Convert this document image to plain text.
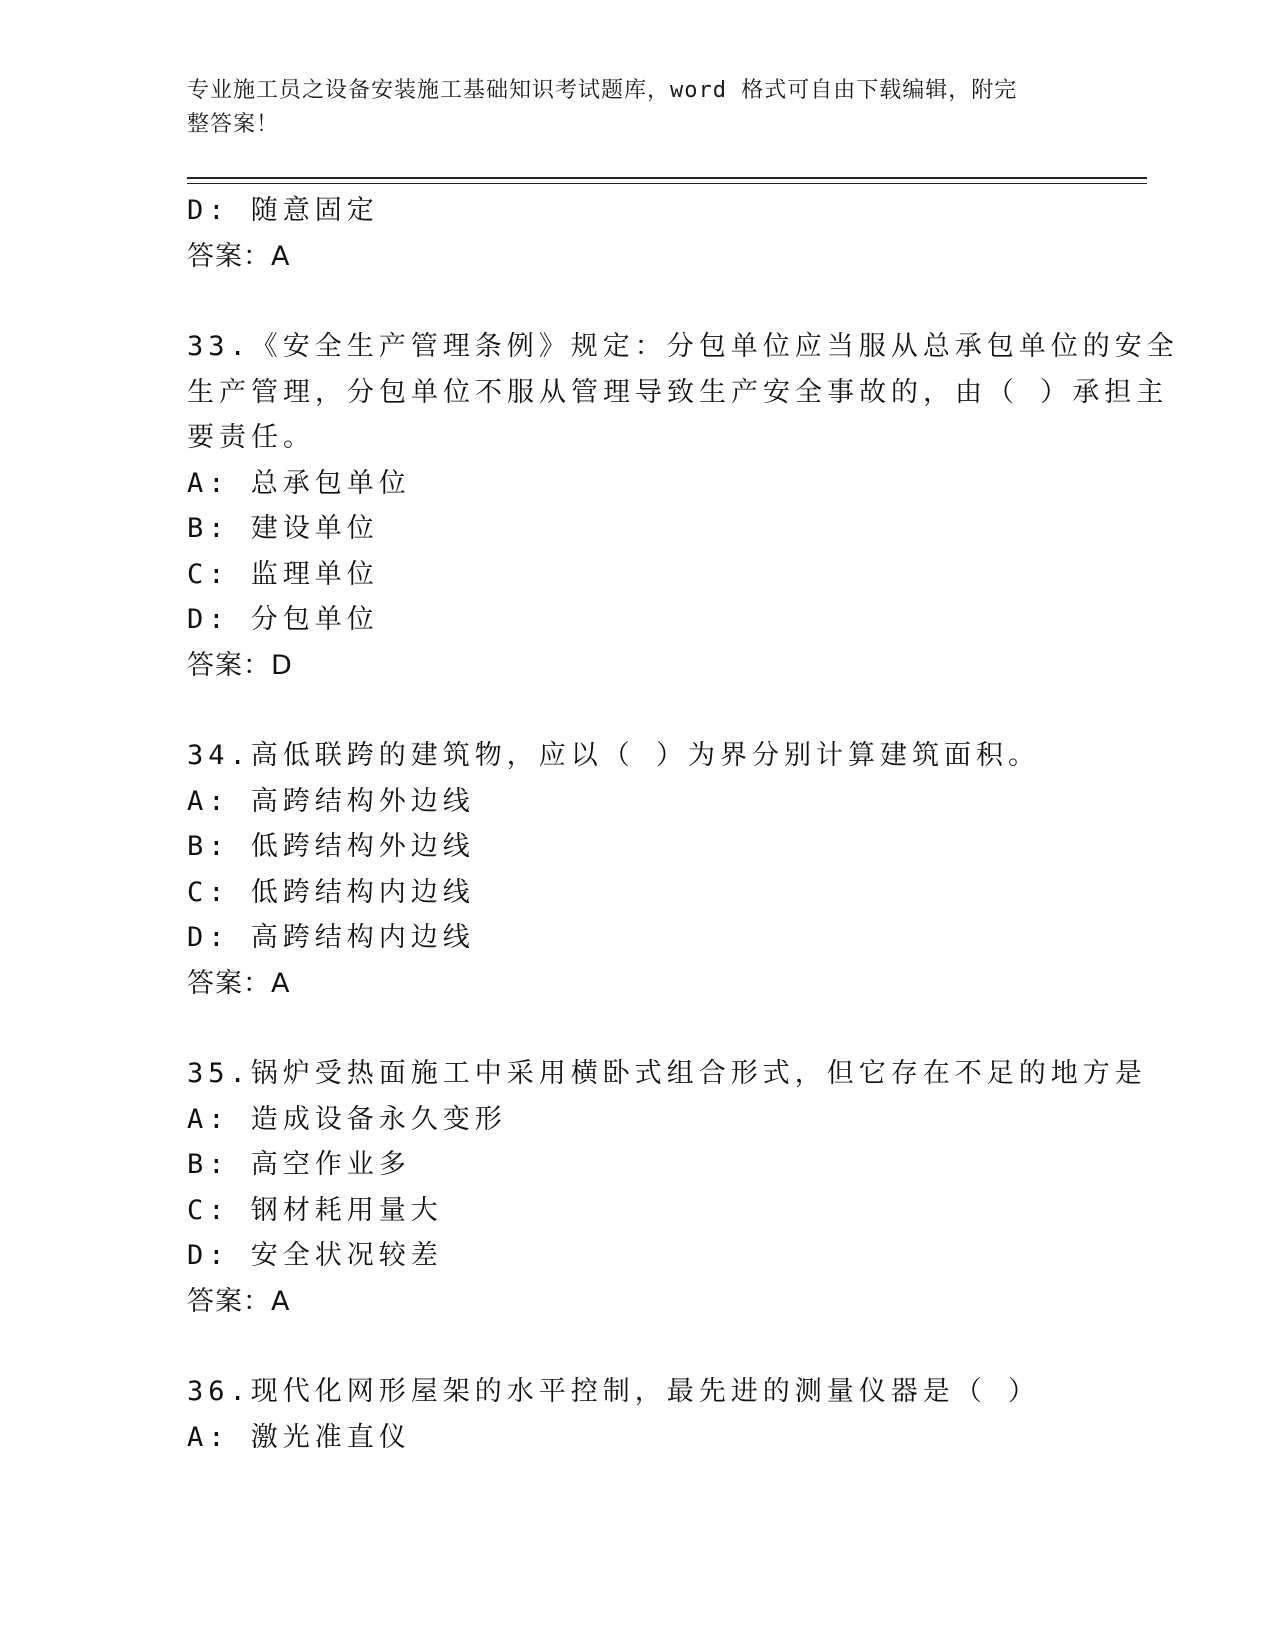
专业施工员之设备安装施工基础知识考试题库，word 格式可自由下载编辑，附完
整答案！
D: 随意固定
答案：A
33.《安全生产管理条例》规定：分包单位应当服从总承包单位的安全
生产管理，分包单位不服从管理导致生产安全事故的，由（ ）承担主
要责任。
A: 总承包单位
B: 建设单位
C: 监理单位
D: 分包单位
答案：D
34.高低联跨的建筑物，应以（ ）为界分别计算建筑面积。
A: 高跨结构外边线
B: 低跨结构外边线
C: 低跨结构内边线
D: 高跨结构内边线
答案：A
35.锅炉受热面施工中采用横卧式组合形式，但它存在不足的地方是
A: 造成设备永久变形
B: 高空作业多
C: 钢材耗用量大
D: 安全状况较差
答案：A
36.现代化网形屋架的水平控制，最先进的测量仪器是（ ）
A: 激光准直仪
